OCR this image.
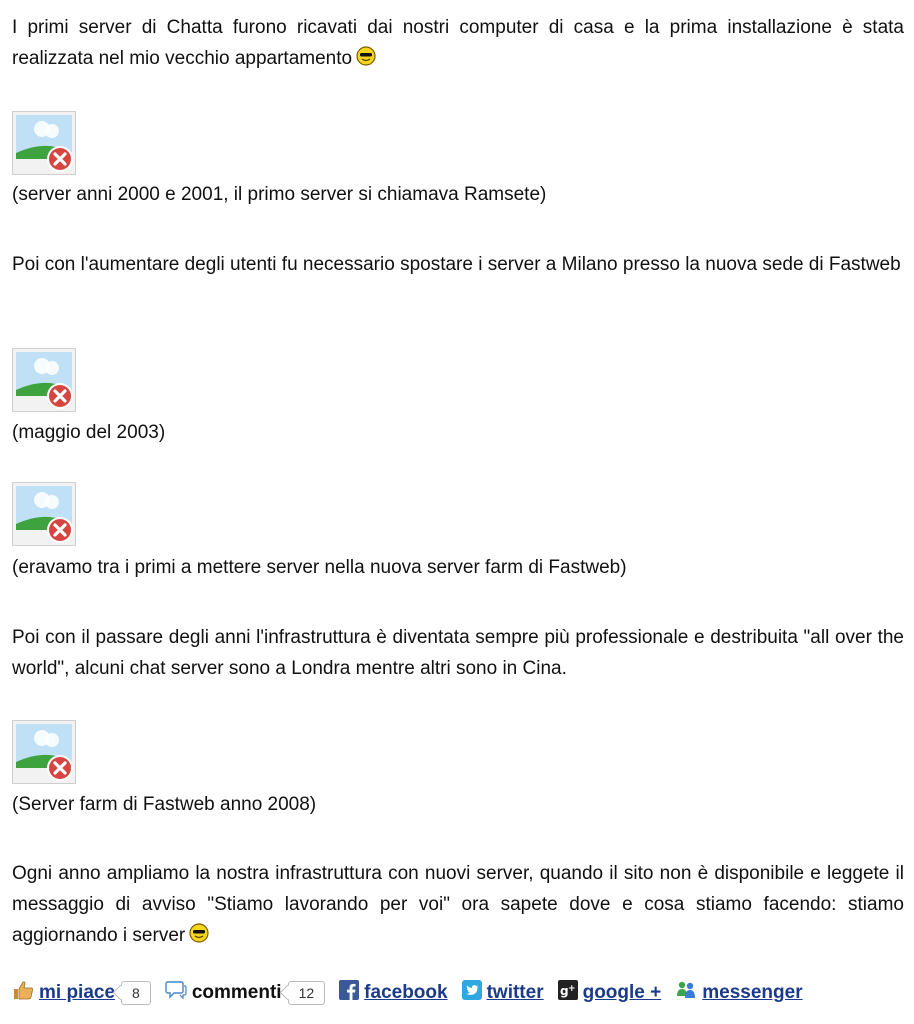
I primi server di Chatta furono ricavati dai nostri computer di casa e la prima installazione è stata realizzata nel mio vecchio appartamento

(server anni 2000 e 2001, il primo server si chiamava Ramsete)

Poi con l'aumentare degli utenti fu necessario spostare i server a Milano presso la nuova sede di Fastweb

(maggio del 2003)

(eravamo tra i primi a mettere server nella nuova server farm di Fastweb)

Poi con il passare degli anni l'infrastruttura è diventata sempre più professionale e destribuita "all over the world", alcuni chat server sono a Londra mentre altri sono in Cina.

(Server farm di Fastweb anno 2008)

Ogni anno ampliamo la nostra infrastruttura con nuovi server, quando il sito non è disponibile e leggete il messaggio di avviso "Stiamo lavorando per voi" ora sapete dove e cosa stiamo facendo: stiamo aggiornando i server

mi piace	8	commenti	12	facebook twitter g + google + messenger
